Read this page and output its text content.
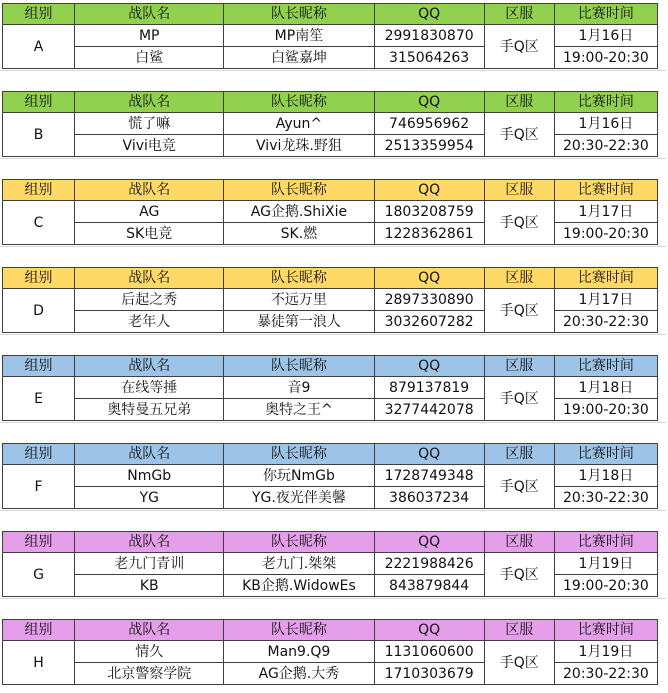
组别	战队名	队长昵称	QQ	区服	比赛时间
A	MP	MP南笙	2991830870	手Q区	1月16日
	白鲨	白鲨嘉坤	315064263		19:00-20:30
组别	战队名	队长昵称	QQ	区服	比赛时间
B	慌了嘛	Ayun^	746956962	手Q区	1月16日
	Vivi电竞	Vivi龙珠.野狙	2513359954		20:30-22:30
组别	战队名	队长昵称	QQ	区服	比赛时间
C	AG	AG企鹅.ShiXie	1803208759	手Q区	1月17日
	SK电竞	SK.燃	1228362861		19:00-20:30
组别	战队名	队长昵称	QQ	区服	比赛时间
D	后起之秀	不远万里	2897330890	手Q区	1月17日
	老年人	暴徒第一浪人	3032607282		20:30-22:30
组别	战队名	队长昵称	QQ	区服	比赛时间
E	在线等捶	音9	879137819	手Q区	1月18日
	奥特曼五兄弟	奥特之王^	3277442078		19:00-20:30
组别	战队名	队长昵称	QQ	区服	比赛时间
F	NmGb	你玩NmGb	1728749348	手Q区	1月18日
	YG	YG.夜光伴美馨	386037234		20:30-22:30
组别	战队名	队长昵称	QQ	区服	比赛时间
G	老九门青训	老九门.桀桀	2221988426	手Q区	1月19日
	KB	KB企鹅.WidowEs	843879844		19:00-20:30
组别	战队名	队长昵称	QQ	区服	比赛时间
H	情久	Man9.Q9	1131060600	手Q区	1月19日
	北京警察学院	AG企鹅.大秀	1710303679		20:30-22:30
